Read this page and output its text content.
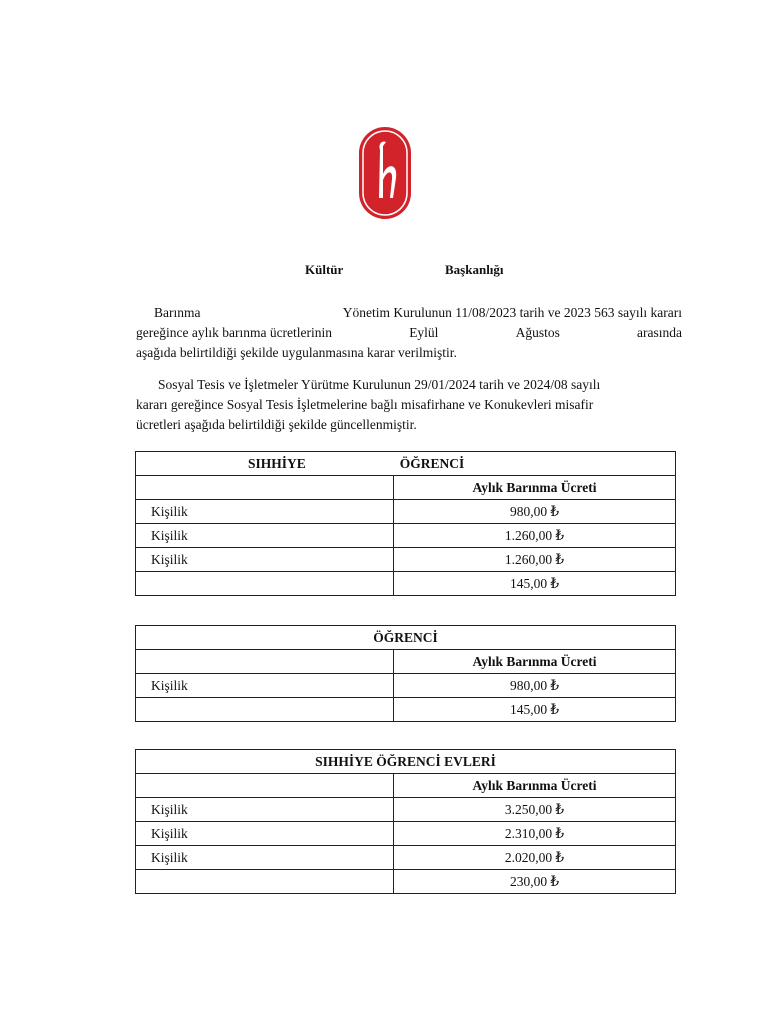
Kültür	Başkanlığı
Barınma	Yönetim Kurulunun 11/08/2023 tarih ve 2023 563 sayılı kararı
gereğince aylık barınma ücretlerinin	Eylül	Ağustos	arasında
aşağıda belirtildiği şekilde uygulanmasına karar verilmiştir.
Sosyal Tesis ve İşletmeler Yürütme Kurulunun 29/01/2024 tarih ve 2024/08 sayılı
kararı gereğince Sosyal Tesis İşletmelerine bağlı misafirhane ve Konukevleri misafir
ücretleri aşağıda belirtildiği şekilde güncellenmiştir.
SIHHİYE ÖĞRENCİ	

	Aylık Barınma Ücreti
Kişilik	980,00 ₺
Kişilik	1.260,00 ₺
Kişilik	1.260,00 ₺
	145,00 ₺
ÖĞRENCİ	
	Aylık Barınma Ücreti
Kişilik	980,00 ₺
	145,00 ₺
SIHHİYE ÖĞRENCİ EVLERİ	
	Aylık Barınma Ücreti
Kişilik	3.250,00 ₺
Kişilik	2.310,00 ₺
Kişilik	2.020,00 ₺
	230,00 ₺
